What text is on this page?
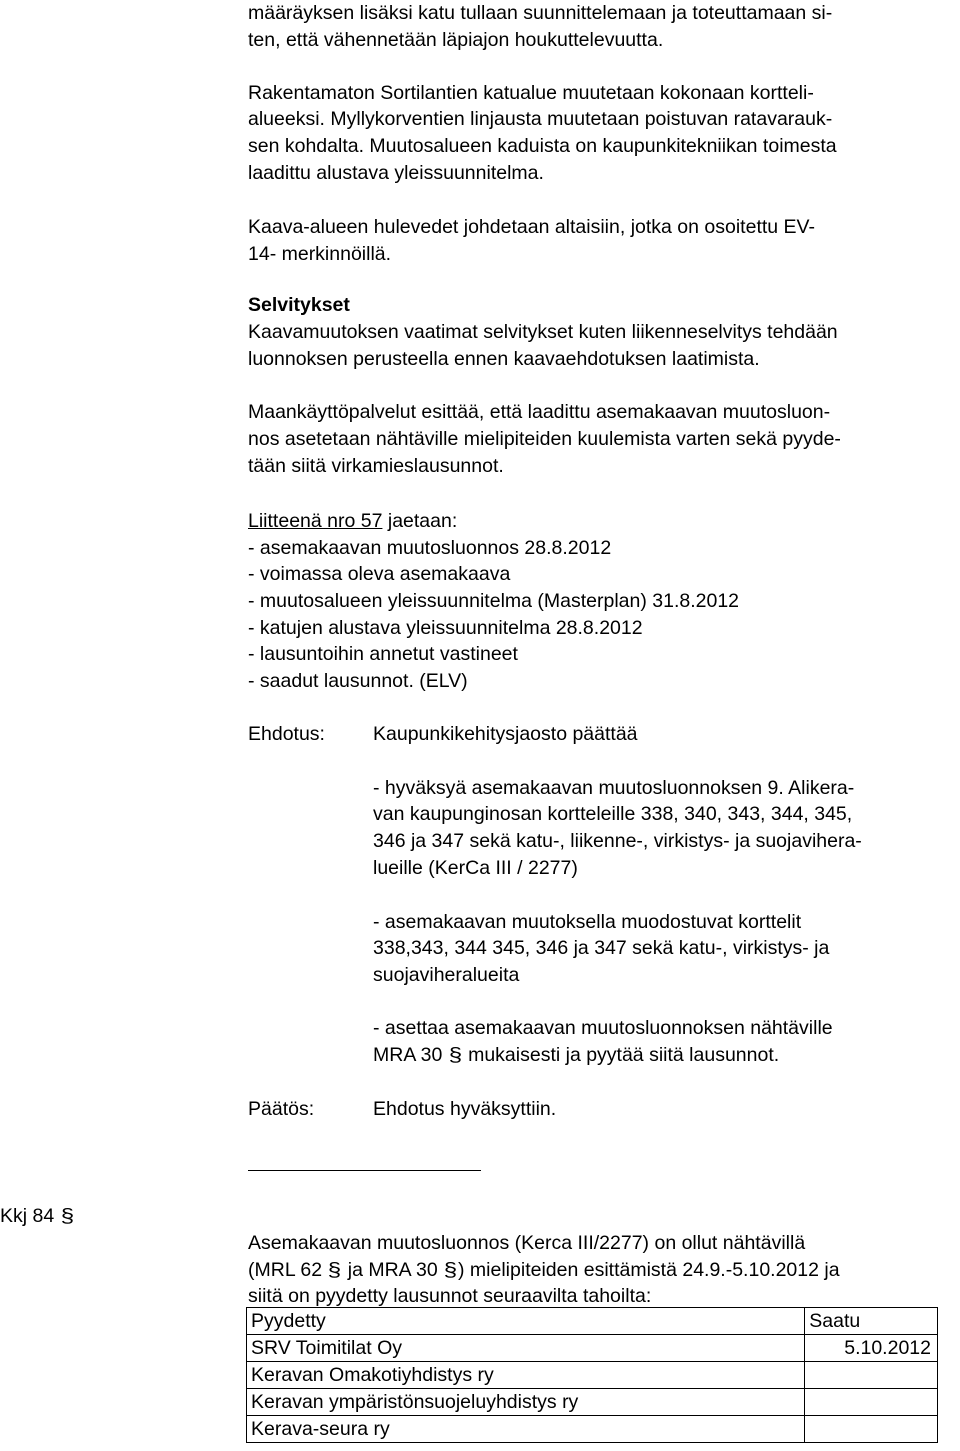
määräyksen lisäksi katu tullaan suunnittelemaan ja toteuttamaan si-
ten, että vähennetään läpiajon houkuttelevuutta.
Rakentamaton Sortilantien katualue muutetaan kokonaan kortteli-
alueeksi. Myllykorventien linjausta muutetaan poistuvan ratavarauk-
sen kohdalta. Muutosalueen kaduista on kaupunkitekniikan toimesta
laadittu alustava yleissuunnitelma.
Kaava-alueen hulevedet johdetaan altaisiin, jotka on osoitettu EV-
14- merkinnöillä.
Selvitykset
Kaavamuutoksen vaatimat selvitykset kuten liikenneselvitys tehdään
luonnoksen perusteella ennen kaavaehdotuksen laatimista.
Maankäyttöpalvelut esittää, että laadittu asemakaavan muutosluon-
nos asetetaan nähtäville mielipiteiden kuulemista varten sekä pyyde-
tään siitä virkamieslausunnot.
Liitteenä nro 57 jaetaan:
- asemakaavan muutosluonnos 28.8.2012
- voimassa oleva asemakaava
- muutosalueen yleissuunnitelma (Masterplan) 31.8.2012
- katujen alustava yleissuunnitelma 28.8.2012
- lausuntoihin annetut vastineet
- saadut lausunnot. (ELV)
Ehdotus: Kaupunkikehitysjaosto päättää
- hyväksyä asemakaavan muutosluonnoksen 9. Alikera-
van kaupunginosan kortteleille 338, 340, 343, 344, 345,
346 ja 347 sekä katu-, liikenne-, virkistys- ja suojavihera-
lueille (KerCa III / 2277)
- asemakaavan muutoksella muodostuvat korttelit
338,343, 344 345, 346 ja 347 sekä katu-, virkistys- ja
suojaviheralueita
- asettaa asemakaavan muutosluonnoksen nähtäville
MRA 30 § mukaisesti ja pyytää siitä lausunnot.
Päätös:	Ehdotus hyväksyttiin.
Kkj 84 §
Asemakaavan muutosluonnos (Kerca III/2277) on ollut nähtävillä
(MRL 62 § ja MRA 30 §) mielipiteiden esittämistä 24.9.-5.10.2012 ja
siitä on pyydetty lausunnot seuraavilta tahoilta:
Pyydetty	Saatu
SRV Toimitilat Oy	5.10.2012
Keravan Omakotiyhdistys ry	
Keravan ympäristönsuojeluyhdistys ry	
Kerava-seura ry	
